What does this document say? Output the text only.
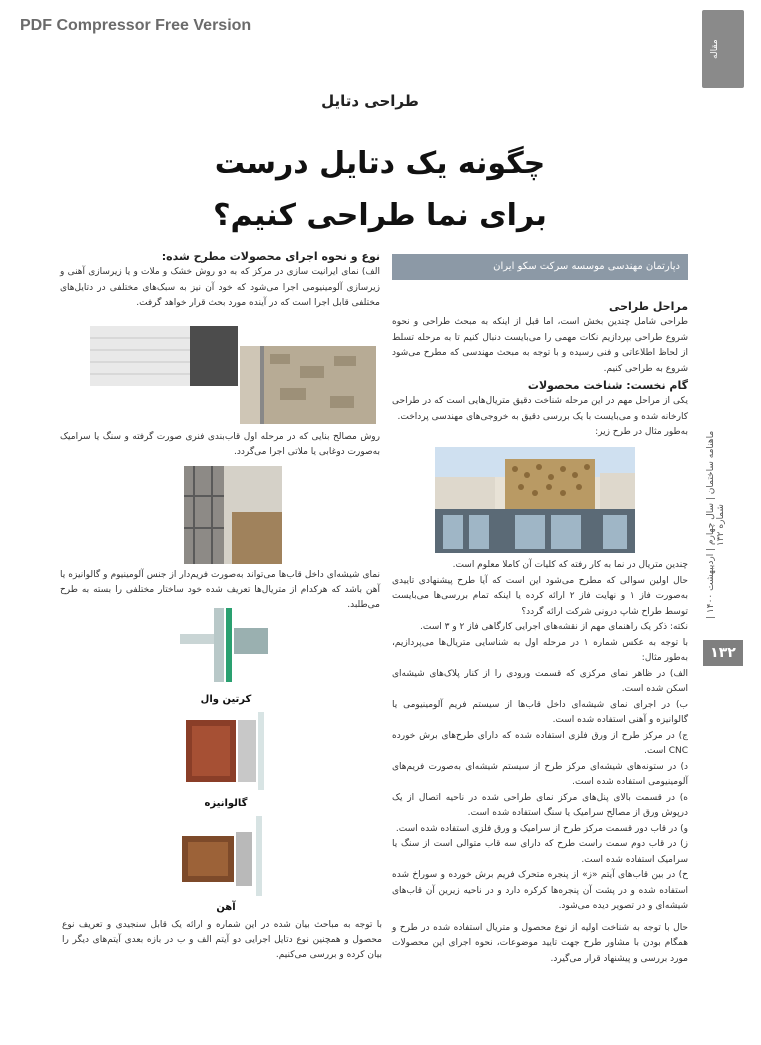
PDF Compressor Free Version
مقاله
ماهنامه ساختمان | سال چهارم | اردیبهشت ۱۴۰۰ | شماره ۱۳۲
۱۳۲
طراحی دتایل
چگونه یک دتایل درست
برای نما طراحی کنیم؟
دپارتمان مهندسی موسسه سرکت سکو ایران
مراحل طراحی

طراحی شامل چندین بخش است، اما قبل از اینکه به مبحث طراحی و نحوه شروع طراحی بپردازیم نکات مهمی را می‌بایست دنبال کنیم تا به مرحله تسلط از لحاظ اطلاعاتی و فنی رسیده و با توجه به مبحث مهندسی که مطرح می‌شود شروع به طراحی کنیم.

گام نخست: شناخت محصولات

یکی از مراحل مهم در این مرحله شناخت دقیق متریال‌هایی است که در طراحی کارخانه شده و می‌بایست با یک بررسی دقیق به خروجی‌های مهندسی پرداخت.

به‌طور مثال در طرح زیر:

چندین متریال در نما به کار رفته که کلیات آن کاملا معلوم است.

حال اولین سوالی که مطرح می‌شود این است که آیا طرح پیشنهادی تاییدی به‌صورت فاز ۱ و نهایت فاز ۲ ارائه کرده یا اینکه تمام بررسی‌ها می‌بایست توسط طراح شاپ درونی شرکت ارائه گردد؟

نکته: ذکر یک راهنمای مهم از نقشه‌های اجرایی کارگاهی فاز ۲ و ۳ است.

با توجه به عکس شماره ۱ در مرحله اول به شناسایی متریال‌ها می‌پردازیم، به‌طور مثال:

الف) در ظاهر نمای مرکزی که قسمت ورودی را از کنار پلاک‌های شیشه‌ای اسکن شده است.

ب) در اجرای نمای شیشه‌ای داخل قاب‌ها از سیستم فریم آلومینیومی یا گالوانیزه و آهنی استفاده شده است.

ج) در مرکز طرح از ورق فلزی استفاده شده که دارای طرح‌های برش خورده CNC است.

د) در ستونه‌های شیشه‌ای مرکز طرح از سیستم شیشه‌ای به‌صورت فریم‌های آلومینیومی استفاده شده است.

ه) در قسمت بالای پنل‌های مرکز نمای طراحی شده در ناحیه اتصال از یک درپوش ورق از مصالح سرامیک یا سنگ استفاده شده است.

و) در قاب دور قسمت مرکز طرح از سرامیک و ورق فلزی استفاده شده است.

ز) در قاب دوم سمت راست طرح که دارای سه قاب متوالی است از سنگ یا سرامیک استفاده شده است.

ح) در بین قاب‌های آیتم «ز» از پنجره متحرک فریم برش خورده و سوراخ شده استفاده شده و در پشت آن پنجره‌ها کرکره دارد و در ناحیه زیرین آن قاب‌های شیشه‌ای و در تصویر دیده می‌شود.

حال با توجه به شناخت اولیه از نوع محصول و متریال استفاده شده در طرح و همگام بودن با مشاور طرح جهت تایید موضوعات، نحوه اجرای این محصولات مورد بررسی و پیشنهاد قرار می‌گیرد.

نوع و نحوه اجرای محصولات مطرح شده:

الف) نمای ایرانیت سازی در مرکز که به دو روش خشک و ملات و یا زیرسازی آهنی و زیرسازی آلومینیومی اجرا می‌شود که خود آن نیز به سبک‌های مختلفی در دتایل‌های مختلفی قابل اجرا است که در آینده مورد بحث قرار خواهد گرفت.

روش مصالح بنایی که در مرحله اول قاب‌بندی فنری صورت گرفته و سنگ یا سرامیک به‌صورت دوغابی یا ملاتی اجرا می‌گردد.
نمای شیشه‌ای داخل قاب‌ها می‌تواند به‌صورت فریم‌دار از جنس آلومینیوم و گالوانیزه یا آهن باشد که هرکدام از متریال‌ها تعریف شده خود ساختار مختلفی را بسته به طرح می‌طلبد.
کرتین وال
گالوانیزه
آهن
با توجه به مباحث بیان شده در این شماره و ارائه یک قابل سنجیدی و تعریف نوع محصول و همچنین نوع دتایل اجرایی دو آیتم الف و ب در بازه بعدی آیتم‌های دیگر را بیان کرده و بررسی می‌کنیم.
